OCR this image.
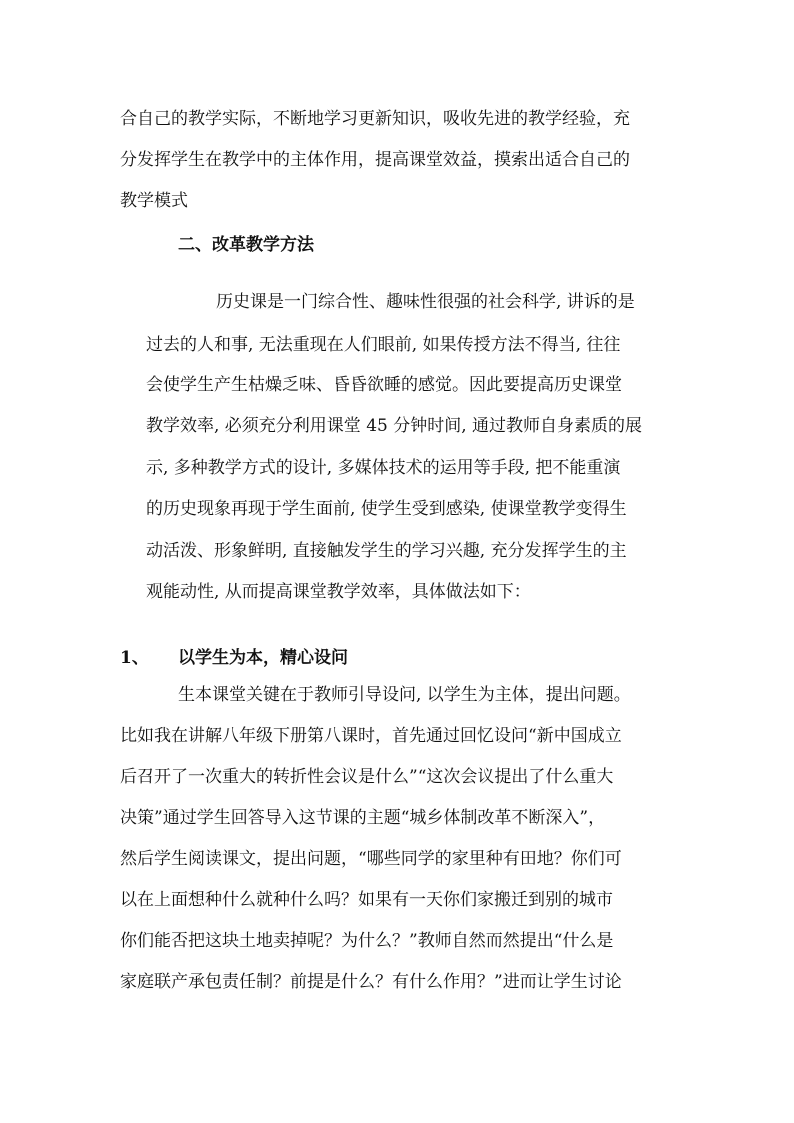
合自己的教学实际，不断地学习更新知识，吸收先进的教学经验，充
分发挥学生在教学中的主体作用，提高课堂效益，摸索出适合自己的
教学模式
二、改革教学方法
历史课是一门综合性、趣味性很强的社会科学, 讲诉的是
过去的人和事, 无法重现在人们眼前, 如果传授方法不得当, 往往
会使学生产生枯燥乏味、昏昏欲睡的感觉。因此要提高历史课堂
教学效率, 必须充分利用课堂 45 分钟时间, 通过教师自身素质的展
示, 多种教学方式的设计, 多媒体技术的运用等手段, 把不能重演
的历史现象再现于学生面前, 使学生受到感染, 使课堂教学变得生
动活泼、形象鲜明, 直接触发学生的学习兴趣, 充分发挥学生的主
观能动性, 从而提高课堂教学效率，具体做法如下：
1、 以学生为本，精心设问
生本课堂关键在于教师引导设问, 以学生为主体，提出问题。
比如我在讲解八年级下册第八课时，首先通过回忆设问“新中国成立
后召开了一次重大的转折性会议是什么”“这次会议提出了什么重大
决策”通过学生回答导入这节课的主题“城乡体制改革不断深入”，
然后学生阅读课文，提出问题，“哪些同学的家里种有田地？你们可
以在上面想种什么就种什么吗？如果有一天你们家搬迁到别的城市
你们能否把这块土地卖掉呢？为什么？”教师自然而然提出“什么是
家庭联产承包责任制？前提是什么？有什么作用？”进而让学生讨论
